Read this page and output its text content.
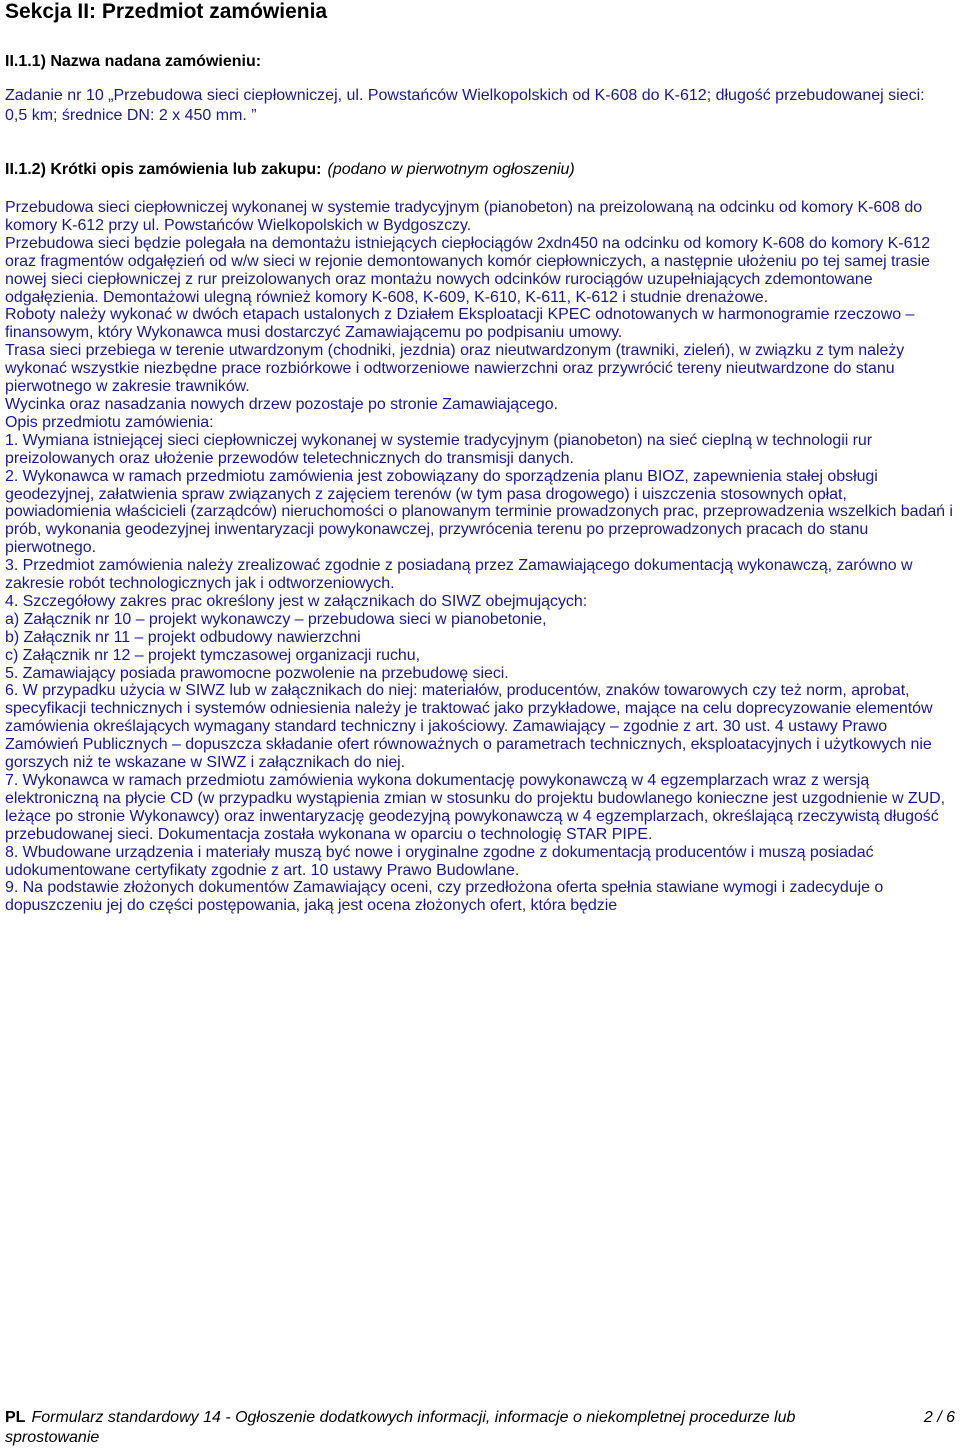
Sekcja II: Przedmiot zamówienia
II.1.1) Nazwa nadana zamówieniu:
Zadanie nr 10 „Przebudowa sieci ciepłowniczej, ul. Powstańców Wielkopolskich od K-608 do K-612; długość przebudowanej sieci: 0,5 km; średnice DN: 2 x 450 mm. ”
II.1.2) Krótki opis zamówienia lub zakupu: (podano w pierwotnym ogłoszeniu)

Przebudowa sieci ciepłowniczej wykonanej w systemie tradycyjnym (pianobeton) na preizolowaną na odcinku od komory K-608 do komory K-612 przy ul. Powstańców Wielkopolskich w Bydgoszczy.

Przebudowa sieci będzie polegała na demontażu istniejących ciepłociągów 2xdn450 na odcinku od komory K-608 do komory K-612 oraz fragmentów odgałęzień od w/w sieci w rejonie demontowanych komór ciepłowniczych, a następnie ułożeniu po tej samej trasie nowej sieci ciepłowniczej z rur preizolowanych oraz montażu nowych odcinków rurociągów uzupełniających zdemontowane odgałęzienia. Demontażowi ulegną również komory K-608, K-609, K-610, K-611, K-612 i studnie drenażowe.

Roboty należy wykonać w dwóch etapach ustalonych z Działem Eksploatacji KPEC odnotowanych w harmonogramie rzeczowo – finansowym, który Wykonawca musi dostarczyć Zamawiającemu po podpisaniu umowy.

Trasa sieci przebiega w terenie utwardzonym (chodniki, jezdnia) oraz nieutwardzonym (trawniki, zieleń), w związku z tym należy wykonać wszystkie niezbędne prace rozbiórkowe i odtworzeniowe nawierzchni oraz przywrócić tereny nieutwardzone do stanu pierwotnego w zakresie trawników.

Wycinka oraz nasadzania nowych drzew pozostaje po stronie Zamawiającego.

Opis przedmiotu zamówienia:

1. Wymiana istniejącej sieci ciepłowniczej wykonanej w systemie tradycyjnym (pianobeton) na sieć cieplną w technologii rur preizolowanych oraz ułożenie przewodów teletechnicznych do transmisji danych.

2. Wykonawca w ramach przedmiotu zamówienia jest zobowiązany do sporządzenia planu BIOZ, zapewnienia stałej obsługi geodezyjnej, załatwienia spraw związanych z zajęciem terenów (w tym pasa drogowego) i uiszczenia stosownych opłat, powiadomienia właścicieli (zarządców) nieruchomości o planowanym terminie prowadzonych prac, przeprowadzenia wszelkich badań i prób, wykonania geodezyjnej inwentaryzacji powykonawczej, przywrócenia terenu po przeprowadzonych pracach do stanu pierwotnego.

3. Przedmiot zamówienia należy zrealizować zgodnie z posiadaną przez Zamawiającego dokumentacją wykonawczą, zarówno w zakresie robót technologicznych jak i odtworzeniowych.

4. Szczegółowy zakres prac określony jest w załącznikach do SIWZ obejmujących:

a) Załącznik nr 10 – projekt wykonawczy – przebudowa sieci w pianobetonie,

b) Załącznik nr 11 – projekt odbudowy nawierzchni

c) Załącznik nr 12 – projekt tymczasowej organizacji ruchu,

5. Zamawiający posiada prawomocne pozwolenie na przebudowę sieci.

6. W przypadku użycia w SIWZ lub w załącznikach do niej: materiałów, producentów, znaków towarowych czy też norm, aprobat, specyfikacji technicznych i systemów odniesienia należy je traktować jako przykładowe, mające na celu doprecyzowanie elementów zamówienia określających wymagany standard techniczny i jakościowy. Zamawiający – zgodnie z art. 30 ust. 4 ustawy Prawo Zamówień Publicznych – dopuszcza składanie ofert równoważnych o parametrach technicznych, eksploatacyjnych i użytkowych nie gorszych niż te wskazane w SIWZ i załącznikach do niej.

7. Wykonawca w ramach przedmiotu zamówienia wykona dokumentację powykonawczą w 4 egzemplarzach wraz z wersją elektroniczną na płycie CD (w przypadku wystąpienia zmian w stosunku do projektu budowlanego konieczne jest uzgodnienie w ZUD, leżące po stronie Wykonawcy) oraz inwentaryzację geodezyjną powykonawczą w 4 egzemplarzach, określającą rzeczywistą długość przebudowanej sieci. Dokumentacja została wykonana w oparciu o technologię STAR PIPE.

8. Wbudowane urządzenia i materiały muszą być nowe i oryginalne zgodne z dokumentacją producentów i muszą posiadać udokumentowane certyfikaty zgodnie z art. 10 ustawy Prawo Budowlane.

9. Na podstawie złożonych dokumentów Zamawiający oceni, czy przedłożona oferta spełnia stawiane wymogi i zadecyduje o dopuszczeniu jej do części postępowania, jaką jest ocena złożonych ofert, która będzie

PL Formularz standardowy 14 - Ogłoszenie dodatkowych informacji, informacje o niekompletnej procedurze lub sprostowanie
2 / 6
